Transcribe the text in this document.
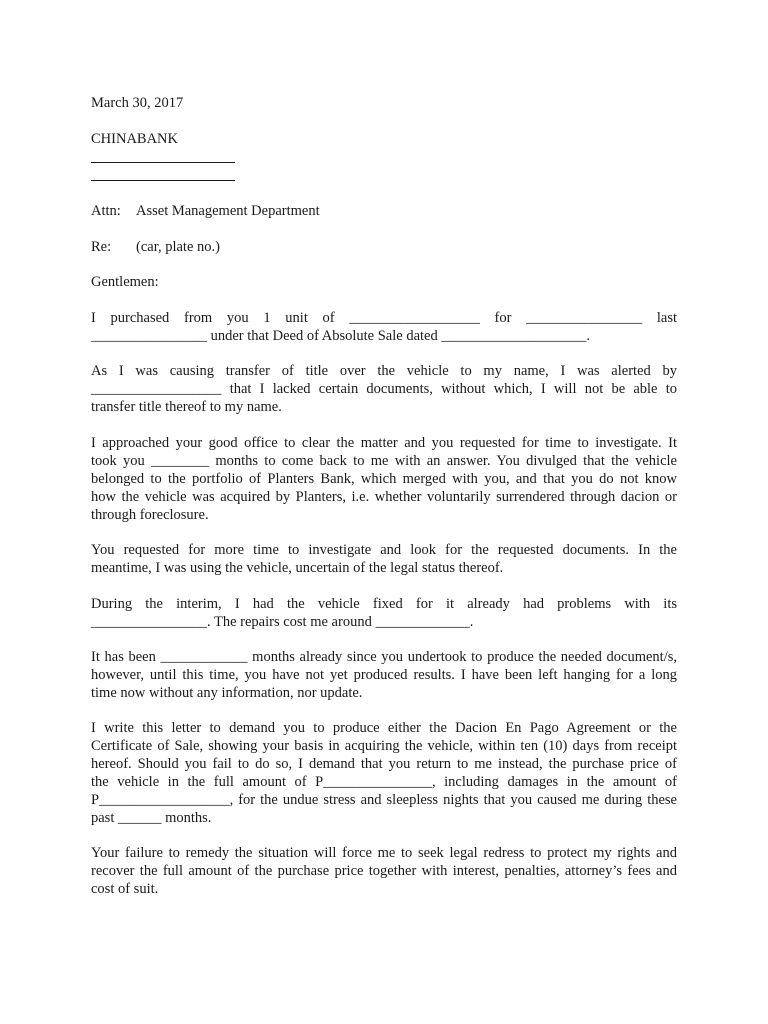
March 30, 2017
CHINABANK
Attn:	Asset Management Department
Re:	(car, plate no.)
Gentlemen:
I purchased from you 1 unit of __________________ for ________________ last
________________ under that Deed of Absolute Sale dated ____________________.
As I was causing transfer of title over the vehicle to my name, I was alerted by
__________________ that I lacked certain documents, without which, I will not be able to
transfer title thereof to my name.
I approached your good office to clear the matter and you requested for time to investigate. It
took you ________ months to come back to me with an answer. You divulged that the vehicle
belonged to the portfolio of Planters Bank, which merged with you, and that you do not know
how the vehicle was acquired by Planters, i.e. whether voluntarily surrendered through dacion or
through foreclosure.
You requested for more time to investigate and look for the requested documents. In the
meantime, I was using the vehicle, uncertain of the legal status thereof.
During the interim, I had the vehicle fixed for it already had problems with its
________________. The repairs cost me around _____________.
It has been ____________ months already since you undertook to produce the needed document/s,
however, until this time, you have not yet produced results. I have been left hanging for a long
time now without any information, nor update.
I write this letter to demand you to produce either the Dacion En Pago Agreement or the
Certificate of Sale, showing your basis in acquiring the vehicle, within ten (10) days from receipt
hereof. Should you fail to do so, I demand that you return to me instead, the purchase price of
the vehicle in the full amount of P_______________, including damages in the amount of
P__________________, for the undue stress and sleepless nights that you caused me during these
past ______ months.
Your failure to remedy the situation will force me to seek legal redress to protect my rights and
recover the full amount of the purchase price together with interest, penalties, attorney’s fees and
cost of suit.
